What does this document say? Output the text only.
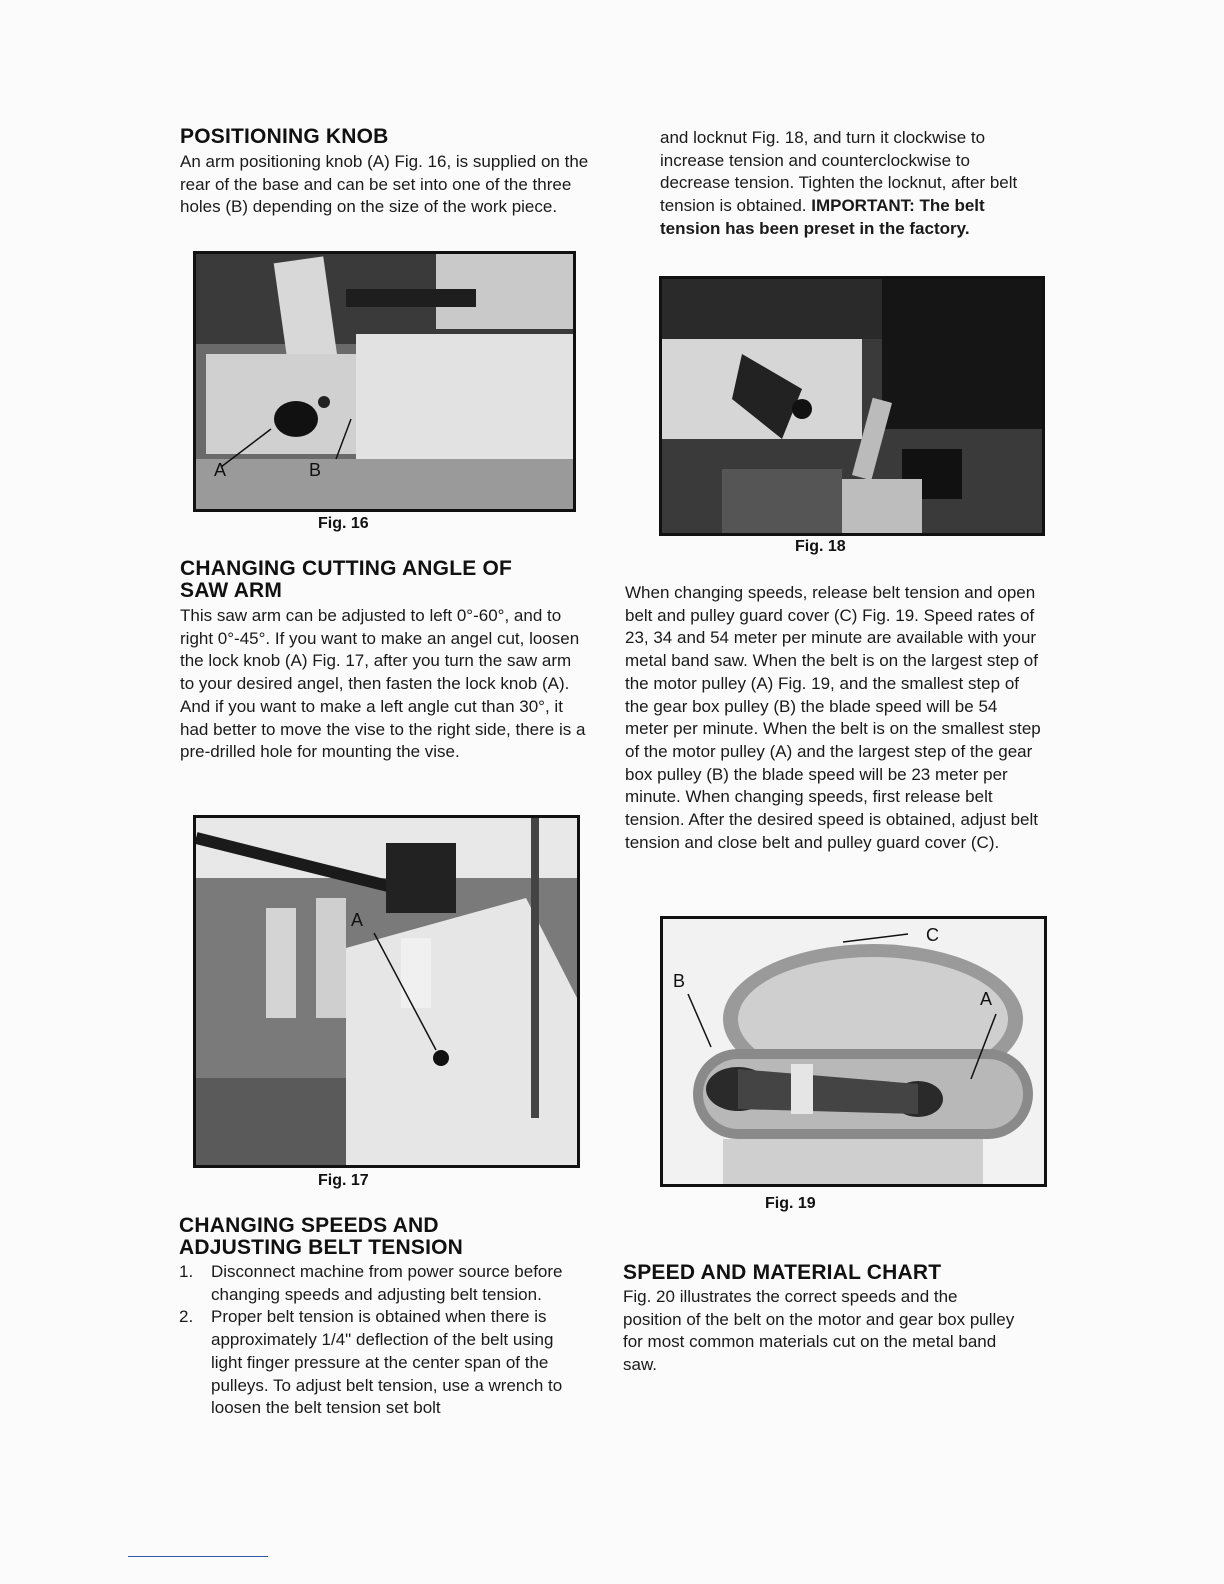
POSITIONING KNOB

An arm positioning knob (A) Fig. 16, is supplied on the rear of the base and can be set into one of the three holes (B) depending on the size of the work piece.

A	B
Fig. 16
CHANGING CUTTING ANGLE OF SAW ARM

This saw arm can be adjusted to left 0°-60°, and to right 0°-45°. If you want to make an angel cut, loosen the lock knob (A) Fig. 17, after you turn the saw arm to your desired angel, then fasten the lock knob (A). And if you want to make a left angle cut than 30°, it had better to move the vise to the right side, there is a pre-drilled hole for mounting the vise.

A
Fig. 17
CHANGING SPEEDS AND ADJUSTING BELT TENSION
1. Disconnect machine from power source before changing speeds and adjusting belt tension.
2. Proper belt tension is obtained when there is approximately 1/4" deflection of the belt using light finger pressure at the center span of the pulleys. To adjust belt tension, use a wrench to loosen the belt tension set bolt

and locknut Fig. 18, and turn it clockwise to increase tension and counterclockwise to decrease tension. Tighten the locknut, after belt tension is obtained. IMPORTANT: The belt tension has been preset in the factory.

Fig. 18

When changing speeds, release belt tension and open belt and pulley guard cover (C) Fig. 19. Speed rates of 23, 34 and 54 meter per minute are available with your metal band saw. When the belt is on the largest step of the motor pulley (A) Fig. 19, and the smallest step of the gear box pulley (B) the blade speed will be 54 meter per minute. When the belt is on the smallest step of the motor pulley (A) and the largest step of the gear box pulley (B) the blade speed will be 23 meter per minute. When changing speeds, first release belt tension. After the desired speed is obtained, adjust belt tension and close belt and pulley guard cover (C).

C
B
A
Fig. 19
SPEED AND MATERIAL CHART

Fig. 20 illustrates the correct speeds and the position of the belt on the motor and gear box pulley for most common materials cut on the metal band saw.
